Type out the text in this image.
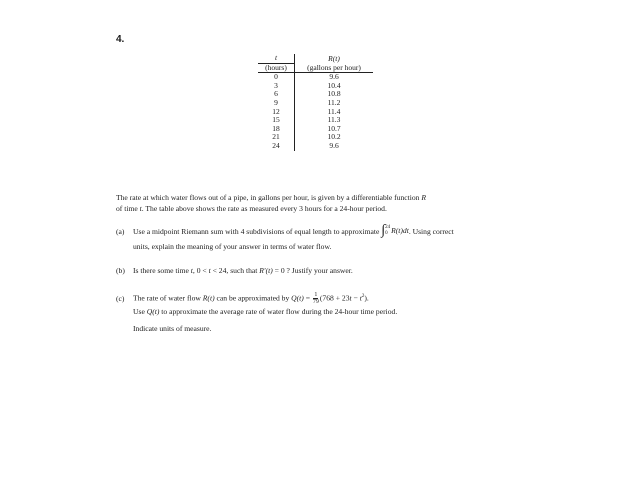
4.
t	R(t)
(hours)	(gallons per hour)
0	9.6
3	10.4
6	10.8
9	11.2
12	11.4
15	11.3
18	10.7
21	10.2
24	9.6
The rate at which water flows out of a pipe, in gallons per hour, is given by a differentiable function R
of time t. The table above shows the rate as measured every 3 hours for a 24-hour period.
(a) Use a midpoint Riemann sum with 4 subdivisions of equal length to approximate ∫ 24
0 R(t)dt . Using correct
units, explain the meaning of your answer in terms of water flow.
(b) Is there some time t, 0 < t < 24, such that R′(t) = 0 ? Justify your answer.
(c) The rate of water flow R(t) can be approximated by $Q(t) = \frac{1}{79} (768 + 23t - t^2)$.
Use Q(t) to approximate the average rate of water flow during the 24-hour time period.
Indicate units of measure.
